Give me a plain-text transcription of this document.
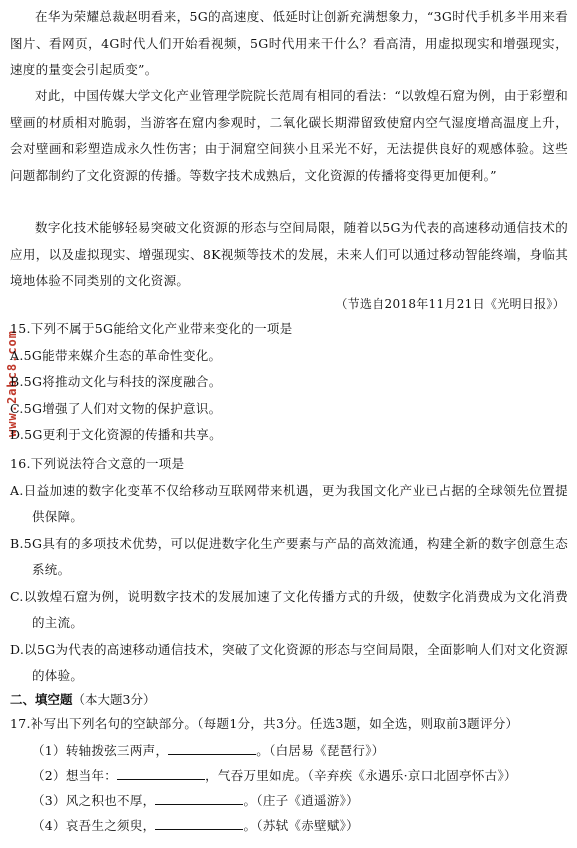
在华为荣耀总裁赵明看来，5G的高速度、低延时让创新充满想象力，“3G时代手机多半用来看图片、看网页，4G时代人们开始看视频，5G时代用来干什么？看高清，用虚拟现实和增强现实，速度的量变会引起质变”。
对此，中国传媒大学文化产业管理学院院长范周有相同的看法：“以敦煌石窟为例，由于彩塑和壁画的材质相对脆弱，当游客在窟内参观时，二氧化碳长期滞留致使窟内空气湿度增高温度上升，会对壁画和彩塑造成永久性伤害；由于洞窟空间狭小且采光不好，无法提供良好的观感体验。这些问题都制约了文化资源的传播。等数字技术成熟后，文化资源的传播将变得更加便利。”
数字化技术能够轻易突破文化资源的形态与空间局限，随着以5G为代表的高速移动通信技术的应用，以及虚拟现实、增强现实、8K视频等技术的发展，未来人们可以通过移动智能终端，身临其境地体验不同类别的文化资源。
（节选自2018年11月21日《光明日报》）
www.2abc8.com
15.下列不属于5G能给文化产业带来变化的一项是
A.5G能带来媒介生态的革命性变化。
B.5G将推动文化与科技的深度融合。
C.5G增强了人们对文物的保护意识。
D.5G更利于文化资源的传播和共享。
16.下列说法符合文意的一项是
A.日益加速的数字化变革不仅给移动互联网带来机遇，更为我国文化产业已占据的全球领先位置提供保障。
B.5G具有的多项技术优势，可以促进数字化生产要素与产品的高效流通，构建全新的数字创意生态系统。
C.以敦煌石窟为例，说明数字技术的发展加速了文化传播方式的升级，使数字化消费成为文化消费的主流。
D.以5G为代表的高速移动通信技术，突破了文化资源的形态与空间局限，全面影响人们对文化资源的体验。
二、填空题（本大题3分）
17.补写出下列名句的空缺部分。（每题1分，共3分。任选3题，如全选，则取前3题评分）
（1）转轴拨弦三两声，	。（白居易《琵琶行》）
（2）想当年：	，气吞万里如虎。（辛弃疾《永遇乐·京口北固亭怀古》）
（3）风之积也不厚，	。（庄子《逍遥游》）
（4）哀吾生之须臾，	。（苏轼《赤壁赋》）
